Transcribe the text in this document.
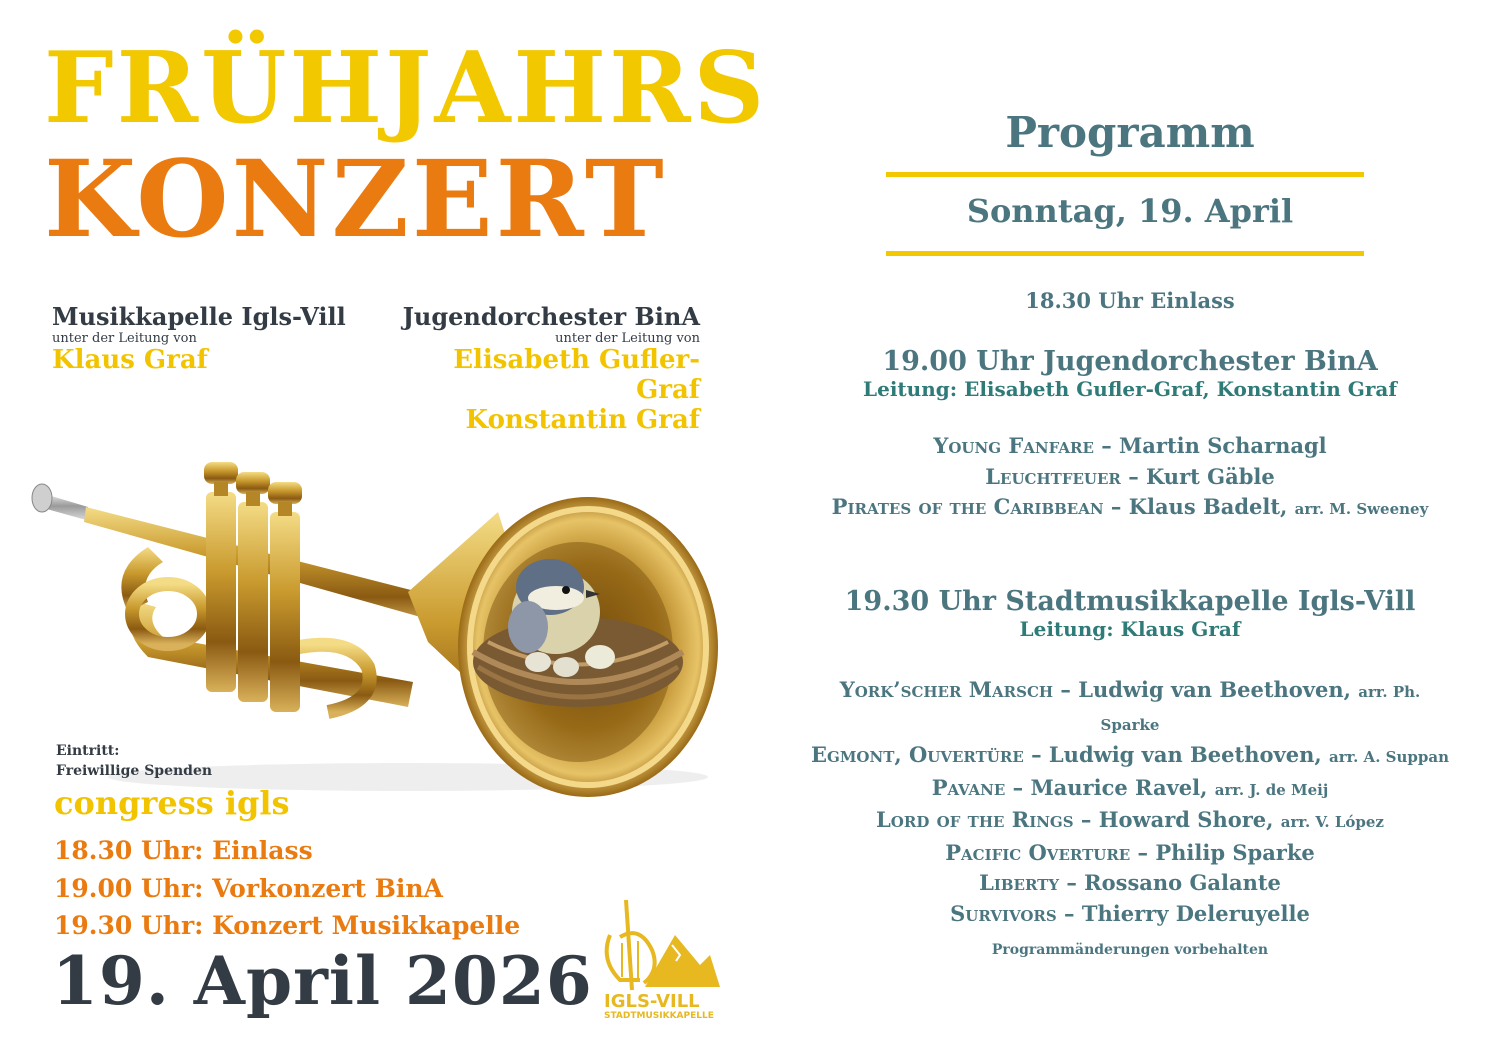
FRÜHJAHRS
KONZERT
Musikkapelle Igls-Vill
unter der Leitung von
Klaus Graf
Jugendorchester BinA
unter der Leitung von
Elisabeth Gufler-Graf
Konstantin Graf
Eintritt:
Freiwillige Spenden
congress igls
18.30 Uhr: Einlass
19.00 Uhr: Vorkonzert BinA
19.30 Uhr: Konzert Musikkapelle
19. April 2026 IGLS-VILL
STADTMUSIKKAPELLE
Programm
Sonntag, 19. April
18.30 Uhr Einlass
19.00 Uhr Jugendorchester BinA
Leitung: Elisabeth Gufler-Graf, Konstantin Graf
Young Fanfare – Martin Scharnagl
Leuchtfeuer – Kurt Gäble
Pirates of the Caribbean – Klaus Badelt, arr. M. Sweeney
19.30 Uhr Stadtmusikkapelle Igls-Vill
Leitung: Klaus Graf
York’scher Marsch – Ludwig van Beethoven, arr. Ph. Sparke
Egmont, Ouvertüre – Ludwig van Beethoven, arr. A. Suppan
Pavane – Maurice Ravel, arr. J. de Meij
Lord of the Rings – Howard Shore, arr. V. López
Pacific Overture – Philip Sparke
Liberty – Rossano Galante
Survivors – Thierry Deleruyelle
Programmänderungen vorbehalten
